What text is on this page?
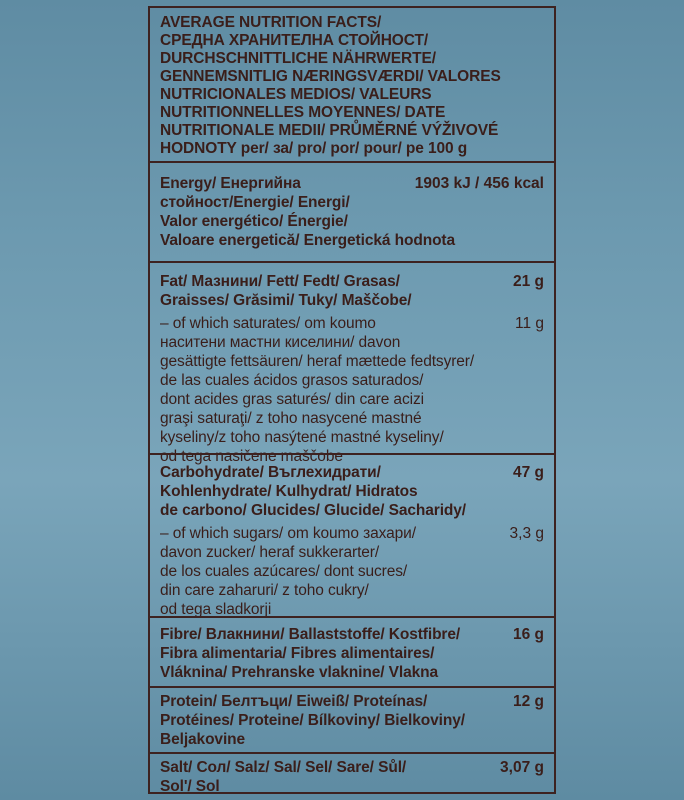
AVERAGE NUTRITION FACTS/
СРЕДНА ХРАНИТЕЛНА СТОЙНОСТ/
DURCHSCHNITTLICHE NÄHRWERTE/
GENNEMSNITLIG NÆRINGSVÆRDI/ VALORES
NUTRICIONALES MEDIOS/ VALEURS
NUTRITIONNELLES MOYENNES/ DATE
NUTRITIONALE MEDII/ PRŮMĚRNÉ VÝŽIVOVÉ
HODNOTY per/ за/ pro/ por/ pour/ pe 100 g
Energy/ Енергийна	1903 kJ / 456 kcal
стойност/Energie/ Energi/
Valor energético/ Énergie/
Valoare energetică/ Energetická hodnota
Fat/ Мазнини/ Fett/ Fedt/ Grasas/	21 g
Graisses/ Grăsimi/ Tuky/ Maščobe/
– of which saturates/ om koumo	11 g
наситени мастни киселини/ davon
gesättigte fettsäuren/ heraf mættede fedtsyrer/
de las cuales ácidos grasos saturados/
dont acides gras saturés/ din care acizi
graşi saturaţi/ z toho nasycené mastné
kyseliny/z toho nasýtené mastné kyseliny/
od tega nasičene maščobe
Carbohydrate/ Въглехидрати/	47 g
Kohlenhydrate/ Kulhydrat/ Hidratos
de carbono/ Glucides/ Glucide/ Sacharidy/
– of which sugars/ om koumo захари/	3,3 g
davon zucker/ heraf sukkerarter/
de los cuales azúcares/ dont sucres/
din care zaharuri/ z toho cukry/
od tega sladkorji
Fibre/ Влакнини/ Ballaststoffe/ Kostfibre/	16 g
Fibra alimentaria/ Fibres alimentaires/
Vláknina/ Prehranske vlaknine/ Vlakna
Protein/ Белтъци/ Eiweiß/ Proteínas/	12 g
Protéines/ Proteine/ Bílkoviny/ Bielkoviny/
Beljakovine
Salt/ Сол/ Salz/ Sal/ Sel/ Sare/ Sůl/	3,07 g
Sol'/ Sol
